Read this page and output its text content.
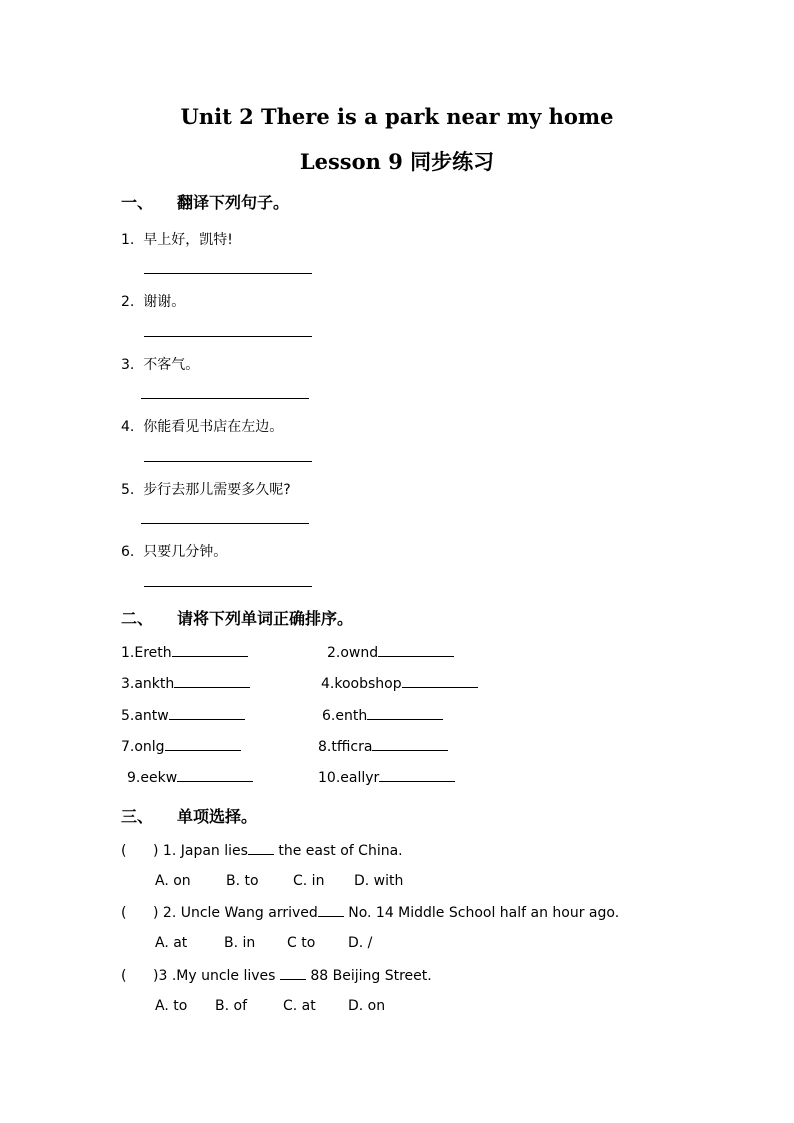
Unit 2 There is a park near my home
Lesson 9 同步练习
一、 翻译下列句子。
1. 早上好，凯特!
2. 谢谢。
3. 不客气。
4. 你能看见书店在左边。
5. 步行去那儿需要多久呢?
6. 只要几分钟。
二、 请将下列单词正确排序。
1.Ereth	2.ownd
3.ankth	4.koobshop
5.antw	6.enth
7.onlg	8.tfficra
9.eekw	10.eallyr
三、 单项选择。
( ) 1. Japan lies the east of China.
A. on	B. to C. in D. with
( ) 2. Uncle Wang arrived No. 14 Middle School half an hour ago.
A. at	B. in C to D. /
( )3 .My uncle lives  88 Beijing Street.
A. to B. of	C. at D. on
